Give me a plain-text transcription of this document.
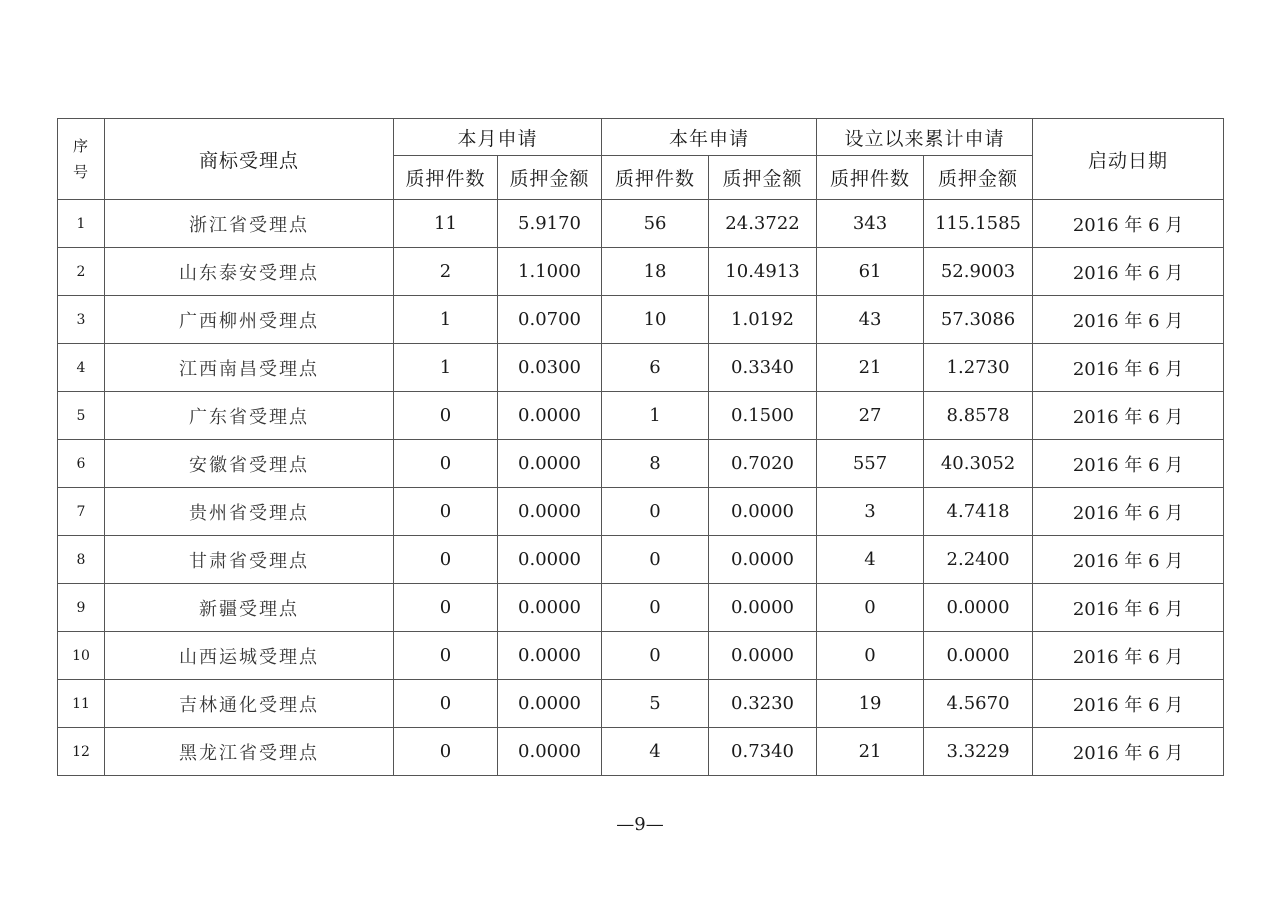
序
号	商标受理点	本月申请		本年申请		设立以来累计申请		启动日期
		质押件数	质押金额	质押件数	质押金额	质押件数	质押金额	
1	浙江省受理点	11	5.9170	56	24.3722	343	115.1585	2016 年 6 月
2	山东泰安受理点	2	1.1000	18	10.4913	61	52.9003	2016 年 6 月
3	广西柳州受理点	1	0.0700	10	1.0192	43	57.3086	2016 年 6 月
4	江西南昌受理点	1	0.0300	6	0.3340	21	1.2730	2016 年 6 月
5	广东省受理点	0	0.0000	1	0.1500	27	8.8578	2016 年 6 月
6	安徽省受理点	0	0.0000	8	0.7020	557	40.3052	2016 年 6 月
7	贵州省受理点	0	0.0000	0	0.0000	3	4.7418	2016 年 6 月
8	甘肃省受理点	0	0.0000	0	0.0000	4	2.2400	2016 年 6 月
9	新疆受理点	0	0.0000	0	0.0000	0	0.0000	2016 年 6 月
10	山西运城受理点	0	0.0000	0	0.0000	0	0.0000	2016 年 6 月
11	吉林通化受理点	0	0.0000	5	0.3230	19	4.5670	2016 年 6 月
12	黑龙江省受理点	0	0.0000	4	0.7340	21	3.3229	2016 年 6 月
—9—
